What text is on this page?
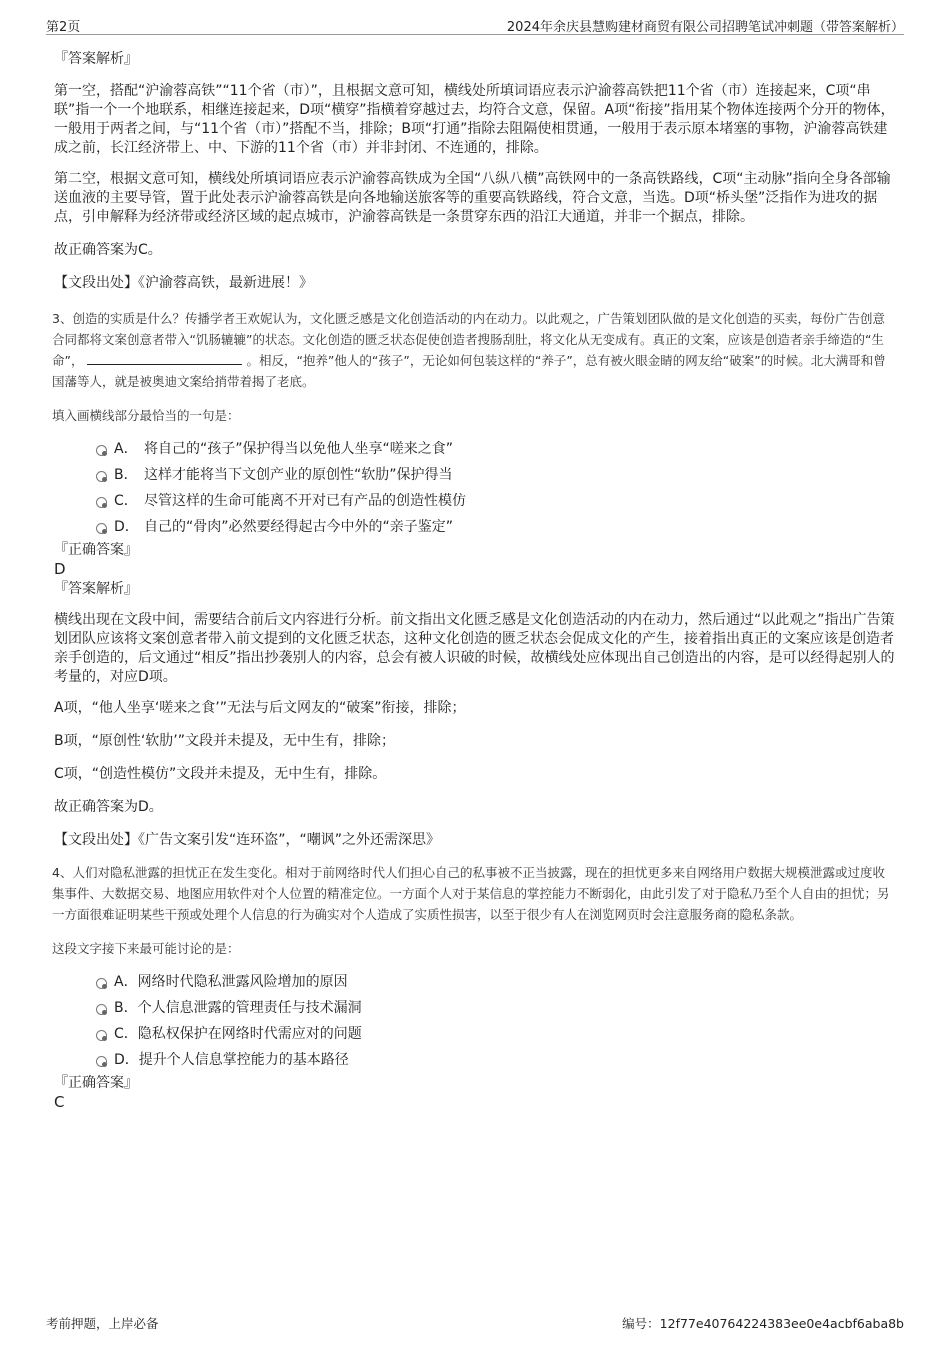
第2页	2024年余庆县慧购建材商贸有限公司招聘笔试冲刺题（带答案解析）
『答案解析』
第一空，搭配“沪渝蓉高铁”“11个省（市）”，且根据文意可知，横线处所填词语应表示沪渝蓉高铁把11个省（市）连接起来，C项“串联”指一个一个地联系，相继连接起来，D项“横穿”指横着穿越过去，均符合文意，保留。A项“衔接”指用某个物体连接两个分开的物体，一般用于两者之间，与“11个省（市）”搭配不当，排除；B项“打通”指除去阻隔使相贯通，一般用于表示原本堵塞的事物，沪渝蓉高铁建成之前，长江经济带上、中、下游的11个省（市）并非封闭、不连通的，排除。
第二空，根据文意可知，横线处所填词语应表示沪渝蓉高铁成为全国“八纵八横”高铁网中的一条高铁路线，C项“主动脉”指向全身各部输送血液的主要导管，置于此处表示沪渝蓉高铁是向各地输送旅客等的重要高铁路线，符合文意，当选。D项“桥头堡”泛指作为进攻的据点，引申解释为经济带或经济区域的起点城市，沪渝蓉高铁是一条贯穿东西的沿江大通道，并非一个据点，排除。
故正确答案为C。
【文段出处】《沪渝蓉高铁，最新进展！》
3、创造的实质是什么？传播学者王欢妮认为，文化匮乏感是文化创造活动的内在动力。以此观之，广告策划团队做的是文化创造的买卖，每份广告创意合同都将文案创意者带入“饥肠辘辘”的状态。文化创造的匮乏状态促使创造者搜肠刮肚，将文化从无变成有。真正的文案，应该是创造者亲手缔造的“生命”，	。相反，“抱养”他人的“孩子”，无论如何包装这样的“养子”，总有被火眼金睛的网友给“破案”的时候。北大满哥和曾国藩等人，就是被奥迪文案给捎带着揭了老底。
填入画横线部分最恰当的一句是：
A． 将自己的“孩子”保护得当以免他人坐享“嗟来之食”
B． 这样才能将当下文创产业的原创性“软肋”保护得当
C． 尽管这样的生命可能离不开对已有产品的创造性模仿
D． 自己的“骨肉”必然要经得起古今中外的“亲子鉴定”
『正确答案』
D
『答案解析』
横线出现在文段中间，需要结合前后文内容进行分析。前文指出文化匮乏感是文化创造活动的内在动力，然后通过“以此观之”指出广告策划团队应该将文案创意者带入前文提到的文化匮乏状态，这种文化创造的匮乏状态会促成文化的产生，接着指出真正的文案应该是创造者亲手创造的，后文通过“相反”指出抄袭别人的内容，总会有被人识破的时候，故横线处应体现出自己创造出的内容，是可以经得起别人的考量的，对应D项。
A项，“他人坐享‘嗟来之食’”无法与后文网友的“破案”衔接，排除；
B项，“原创性‘软肋’”文段并未提及，无中生有，排除；
C项，“创造性模仿”文段并未提及，无中生有，排除。
故正确答案为D。
【文段出处】《广告文案引发“连环盗”，“嘲讽”之外还需深思》
4、人们对隐私泄露的担忧正在发生变化。相对于前网络时代人们担心自己的私事被不正当披露，现在的担忧更多来自网络用户数据大规模泄露或过度收集事件、大数据交易、地图应用软件对个人位置的精准定位。一方面个人对于某信息的掌控能力不断弱化，由此引发了对于隐私乃至个人自由的担忧；另一方面很难证明某些干预或处理个人信息的行为确实对个人造成了实质性损害，以至于很少有人在浏览网页时会注意服务商的隐私条款。
这段文字接下来最可能讨论的是：
A．网络时代隐私泄露风险增加的原因
B．个人信息泄露的管理责任与技术漏洞
C．隐私权保护在网络时代需应对的问题
D．提升个人信息掌控能力的基本路径
『正确答案』
C
考前押题，上岸必备	编号：12f77e40764224383ee0e4acbf6aba8b
